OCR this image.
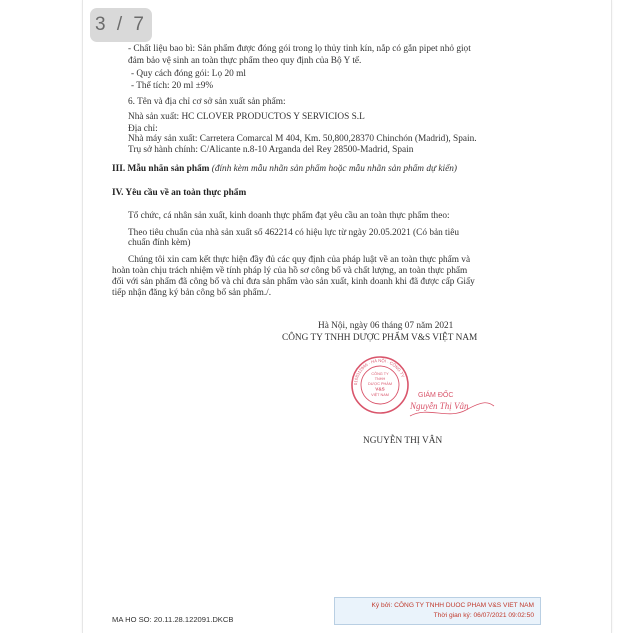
3 / 7
- Chất liệu bao bì: Sản phẩm được đóng gói trong lọ thủy tinh kín, nắp có gắn pipet nhỏ giọt
đảm bảo vệ sinh an toàn thực phẩm theo quy định của Bộ Y tế.
- Quy cách đóng gói: Lọ 20 ml
- Thể tích: 20 ml ±9%
6. Tên và địa chỉ cơ sở sản xuất sản phẩm:
Nhà sản xuất: HC CLOVER PRODUCTOS Y SERVICIOS S.L
Địa chỉ:
Nhà máy sản xuất: Carretera Comarcal M 404, Km. 50,800,28370 Chinchón (Madrid), Spain.
Trụ sở hành chính: C/Alicante n.8-10 Arganda del Rey 28500-Madrid, Spain
III. Mẫu nhãn sản phẩm (đính kèm mẫu nhãn sản phẩm hoặc mẫu nhãn sản phẩm dự kiến)
IV. Yêu cầu về an toàn thực phẩm
Tổ chức, cá nhân sản xuất, kinh doanh thực phẩm đạt yêu cầu an toàn thực phẩm theo:
Theo tiêu chuẩn của nhà sản xuất số 462214 có hiệu lực từ ngày 20.05.2021 (Có bản tiêu
chuẩn đính kèm)
Chúng tôi xin cam kết thực hiện đầy đủ các quy định của pháp luật về an toàn thực phẩm và
hoàn toàn chịu trách nhiệm về tính pháp lý của hồ sơ công bố và chất lượng, an toàn thực phẩm
đối với sản phẩm đã công bố và chỉ đưa sản phẩm vào sản xuất, kinh doanh khi đã được cấp Giấy
tiếp nhận đăng ký bản công bố sản phẩm./.
Hà Nội, ngày 06 tháng 07 năm 2021
CÔNG TY TNHH DƯỢC PHẨM V&S VIỆT NAM
0108312946 · HÀ NỘI · CÔNG TY
CÔNG TY
TNHH
DƯỢC PHẨM
V&S
VIỆT NAM	GIÁM ĐỐC
Nguyễn Thị Vân
NGUYỄN THỊ VÂN
MA HO SO: 20.11.28.122091.DKCB
Ký bởi: CÔNG TY TNHH DUOC PHAM V&S VIET NAM
Thời gian ký: 06/07/2021 09:02:50
